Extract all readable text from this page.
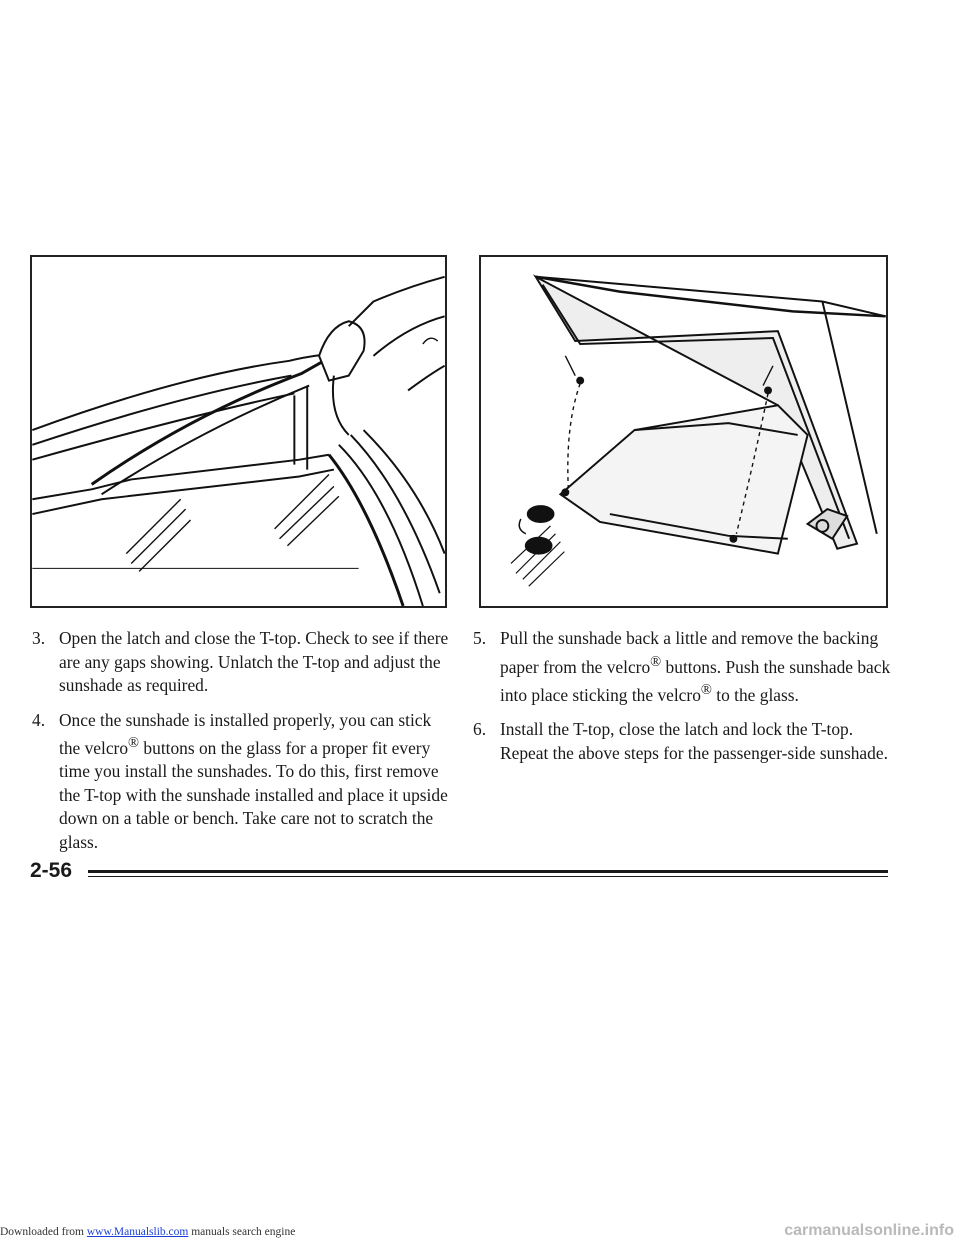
3. Open the latch and close the T-top. Check to see if there are any gaps showing. Unlatch the T-top and adjust the sunshade as required.
4. Once the sunshade is installed properly, you can stick the velcro® buttons on the glass for a proper fit every time you install the sunshades. To do this, first remove the T-top with the sunshade installed and place it upside down on a table or bench. Take care not to scratch the glass.
5. Pull the sunshade back a little and remove the backing paper from the velcro® buttons. Push the sunshade back into place sticking the velcro® to the glass.
6. Install the T-top, close the latch and lock the T-top. Repeat the above steps for the passenger-side sunshade.
2-56
Downloaded from www.Manualslib.com manuals search engine	carmanualsonline.info
